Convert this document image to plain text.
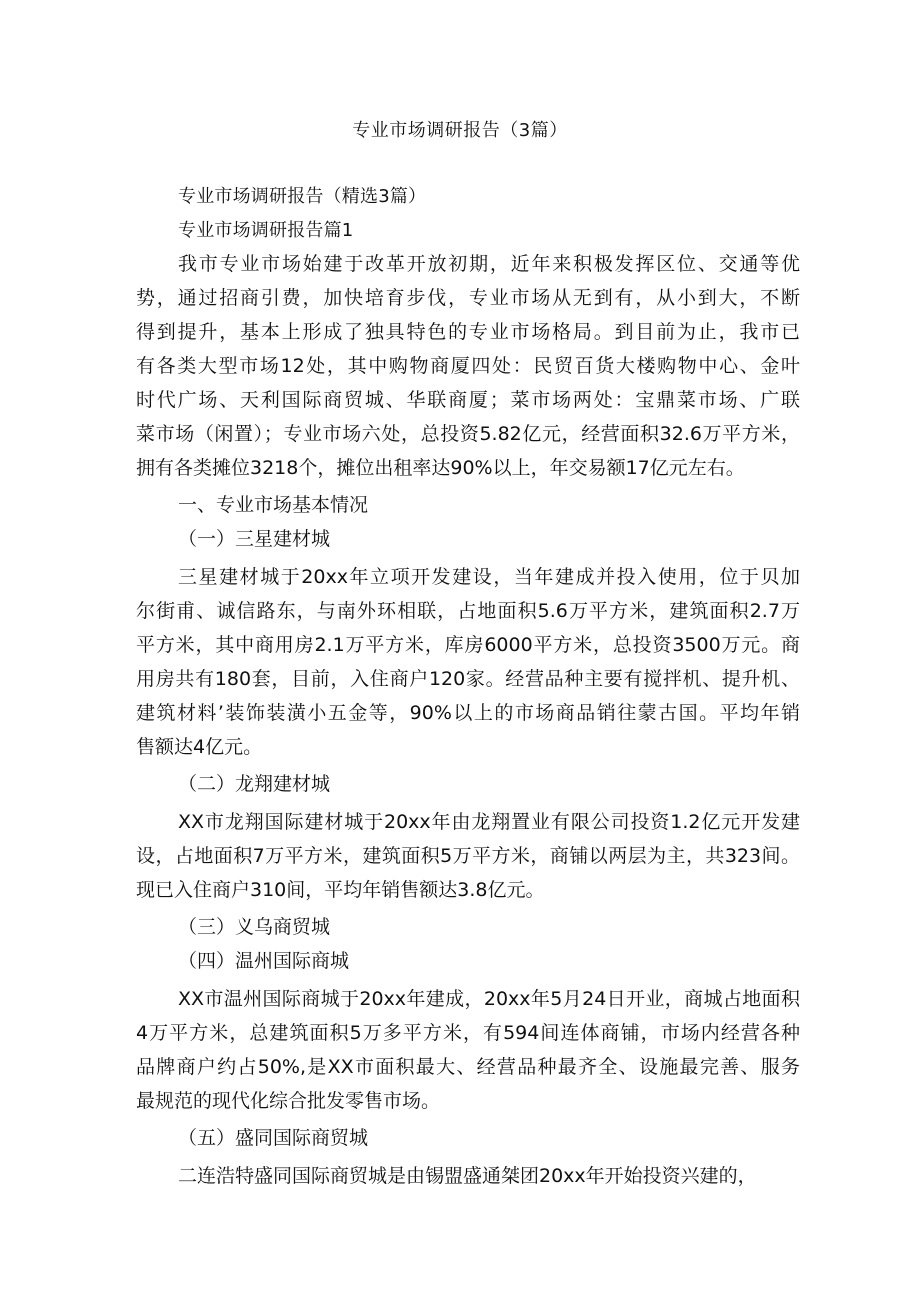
专业市场调研报告（3篇）
专业市场调研报告（精选3篇）
专业市场调研报告篇1
我市专业市场始建于改革开放初期，近年来积极发挥区位、交通等优
势，通过招商引费，加快培育步伐，专业市场从无到有，从小到大，不断
得到提升，基本上形成了独具特色的专业市场格局。到目前为止，我市已
有各类大型市场12处，其中购物商厦四处：民贸百货大楼购物中心、金叶
时代广场、天利国际商贸城、华联商厦；菜市场两处：宝鼎菜市场、广联
菜市场（闲置）；专业市场六处，总投资5.82亿元，经营面积32.6万平方米，
拥有各类摊位3218个，摊位出租率达90%以上，年交易额17亿元左右。
一、专业市场基本情况
（一）三星建材城
三星建材城于20xx年立项开发建设，当年建成并投入使用，位于贝加
尔街甫、诚信路东，与南外环相联，占地面积5.6万平方米，建筑面积2.7万
平方米，其中商用房2.1万平方米，库房6000平方米，总投资3500万元。商
用房共有180套，目前，入住商户120家。经营品种主要有搅拌机、提升机、
建筑材料’装饰装潢小五金等，90%以上的市场商品销往蒙古国。平均年销
售额达4亿元。
（二）龙翔建材城
XX市龙翔国际建材城于20xx年由龙翔置业有限公司投资1.2亿元开发建
设，占地面积7万平方米，建筑面积5万平方米，商铺以两层为主，共323间。
现已入住商户310间，平均年销售额达3.8亿元。
（三）义乌商贸城
（四）温州国际商城
XX市温州国际商城于20xx年建成，20xx年5月24日开业，商城占地面积
4万平方米，总建筑面积5万多平方米，有594间连体商铺，市场内经营各种
品牌商户约占50%,是XX市面积最大、经营品种最齐全、设施最完善、服务
最规范的现代化综合批发零售市场。
（五）盛同国际商贸城
二连浩特盛同国际商贸城是由锡盟盛通桀团20xx年开始投资兴建的，
